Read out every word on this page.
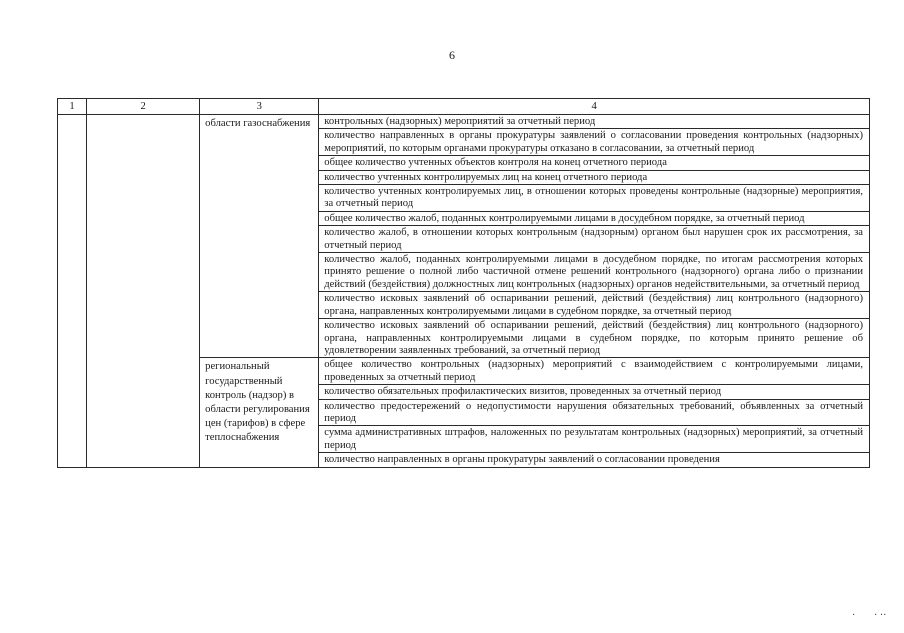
6
1	2	3	4
		области газоснабжения	контрольных (надзорных) мероприятий за отчетный период
			количество направленных в органы прокуратуры заявлений о согласовании проведения контрольных (надзорных) мероприятий, по которым органами прокуратуры отказано в согласовании, за отчетный период
			общее количество учтенных объектов контроля на конец отчетного периода
			количество учтенных контролируемых лиц на конец отчетного периода
			количество учтенных контролируемых лиц, в отношении которых проведены контрольные (надзорные) мероприятия, за отчетный период
			общее количество жалоб, поданных контролируемыми лицами в досудебном порядке, за отчетный период
			количество жалоб, в отношении которых контрольным (надзорным) органом был нарушен срок их рассмотрения, за отчетный период
			количество жалоб, поданных контролируемыми лицами в досудебном порядке, по итогам рассмотрения которых принято решение о полной либо частичной отмене решений контрольного (надзорного) органа либо о признании действий (бездействия) должностных лиц контрольных (надзорных) органов недействительными, за отчетный период
			количество исковых заявлений об оспаривании решений, действий (бездействия) лиц контрольного (надзорного) органа, направленных контролируемыми лицами в судебном порядке, за отчетный период
			количество исковых заявлений об оспаривании решений, действий (бездействия) лиц контрольного (надзорного) органа, направленных контролируемыми лицами в судебном порядке, по которым принято решение об удовлетворении заявленных требований, за отчетный период
		региональный государственный контроль (надзор) в области регулирования цен (тарифов) в сфере теплоснабжения	общее количество контрольных (надзорных) мероприятий с взаимодействием с контролируемыми лицами, проведенных за отчетный период
			количество обязательных профилактических визитов, проведенных за отчетный период
			количество предостережений о недопустимости нарушения обязательных требований, объявленных за отчетный период
			сумма административных штрафов, наложенных по результатам контрольных (надзорных) мероприятий, за отчетный период
			количество направленных в органы прокуратуры заявлений о согласовании проведения
· · ··
